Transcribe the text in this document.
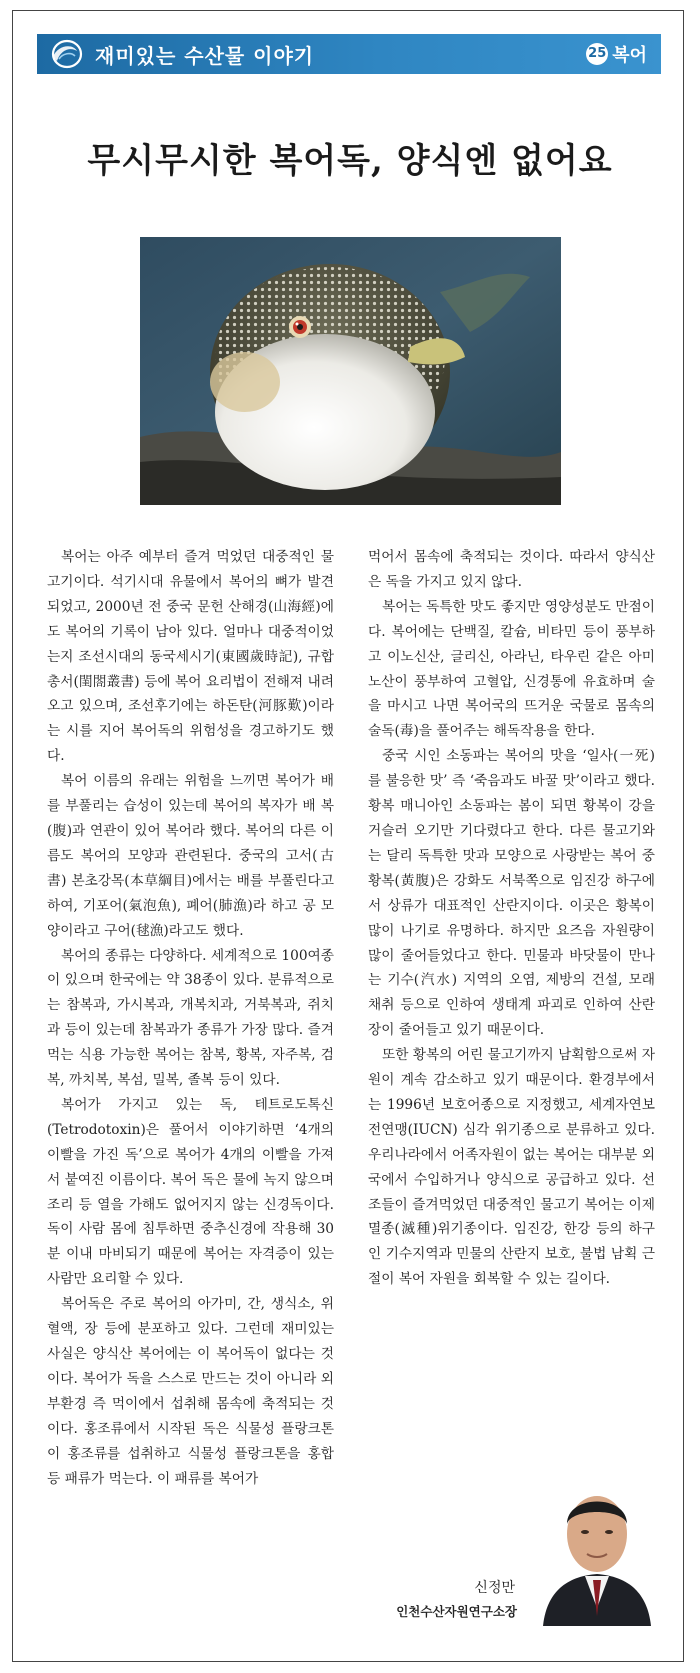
재미있는 수산물 이야기	25 복어
무시무시한 복어독, 양식엔 없어요

복어는 아주 예부터 즐겨 먹었던 대중적인 물고기이다. 석기시대 유물에서 복어의 뼈가 발견되었고, 2000년 전 중국 문헌 산해경(山海經)에도 복어의 기록이 남아 있다. 얼마나 대중적이었는지 조선시대의 동국세시기(東國歲時記), 규합총서(閨閤叢書) 등에 복어 요리법이 전해져 내려오고 있으며, 조선후기에는 하돈탄(河豚歎)이라는 시를 지어 복어독의 위험성을 경고하기도 했다.

복어 이름의 유래는 위험을 느끼면 복어가 배를 부풀리는 습성이 있는데 복어의 복자가 배 복(腹)과 연관이 있어 복어라 했다. 복어의 다른 이름도 복어의 모양과 관련된다. 중국의 고서(古書) 본초강목(本草綱目)에서는 배를 부풀린다고 하여, 기포어(氣泡魚), 폐어(肺漁)라 하고 공 모양이라고 구어(毬漁)라고도 했다.

복어의 종류는 다양하다. 세계적으로 100여종이 있으며 한국에는 약 38종이 있다. 분류적으로는 참복과, 가시복과, 개복치과, 거북복과, 쥐치과 등이 있는데 참복과가 종류가 가장 많다. 즐겨 먹는 식용 가능한 복어는 참복, 황복, 자주복, 검복, 까치복, 복섬, 밀복, 졸복 등이 있다.

복어가 가지고 있는 독, 테트로도톡신(Tetrodotoxin)은 풀어서 이야기하면 ‘4개의 이빨을 가진 독’으로 복어가 4개의 이빨을 가져서 붙여진 이름이다. 복어 독은 물에 녹지 않으며 조리 등 열을 가해도 없어지지 않는 신경독이다. 독이 사람 몸에 침투하면 중추신경에 작용해 30분 이내 마비되기 때문에 복어는 자격증이 있는 사람만 요리할 수 있다.

복어독은 주로 복어의 아가미, 간, 생식소, 위 혈액, 장 등에 분포하고 있다. 그런데 재미있는 사실은 양식산 복어에는 이 복어독이 없다는 것이다. 복어가 독을 스스로 만드는 것이 아니라 외부환경 즉 먹이에서 섭취해 몸속에 축적되는 것이다. 홍조류에서 시작된 독은 식물성 플랑크톤이 홍조류를 섭취하고 식물성 플랑크톤을 홍합 등 패류가 먹는다. 이 패류를 복어가

먹어서 몸속에 축적되는 것이다. 따라서 양식산은 독을 가지고 있지 않다.

복어는 독특한 맛도 좋지만 영양성분도 만점이다. 복어에는 단백질, 칼슘, 비타민 등이 풍부하고 이노신산, 글리신, 아라닌, 타우린 같은 아미노산이 풍부하여 고혈압, 신경통에 유효하며 술을 마시고 나면 복어국의 뜨거운 국물로 몸속의 술독(毒)을 풀어주는 해독작용을 한다.

중국 시인 소동파는 복어의 맛을 ‘일사(一死)를 불응한 맛’ 즉 ‘죽음과도 바꿀 맛’이라고 했다. 황복 매니아인 소동파는 봄이 되면 황복이 강을 거슬러 오기만 기다렸다고 한다. 다른 물고기와는 달리 독특한 맛과 모양으로 사랑받는 복어 중 황복(黃腹)은 강화도 서북쪽으로 임진강 하구에서 상류가 대표적인 산란지이다. 이곳은 황복이 많이 나기로 유명하다. 하지만 요즈음 자원량이 많이 줄어들었다고 한다. 민물과 바닷물이 만나는 기수(汽水) 지역의 오염, 제방의 건설, 모래 채취 등으로 인하여 생태계 파괴로 인하여 산란장이 줄어들고 있기 때문이다.

또한 황복의 어린 물고기까지 남획함으로써 자원이 계속 감소하고 있기 때문이다. 환경부에서는 1996년 보호어종으로 지정했고, 세계자연보전연맹(IUCN) 심각 위기종으로 분류하고 있다. 우리나라에서 어족자원이 없는 복어는 대부분 외국에서 수입하거나 양식으로 공급하고 있다. 선조들이 즐겨먹었던 대중적인 물고기 복어는 이제 멸종(滅種)위기종이다. 임진강, 한강 등의 하구인 기수지역과 민물의 산란지 보호, 불법 남획 근절이 복어 자원을 회복할 수 있는 길이다.

신정만
인천수산자원연구소장
